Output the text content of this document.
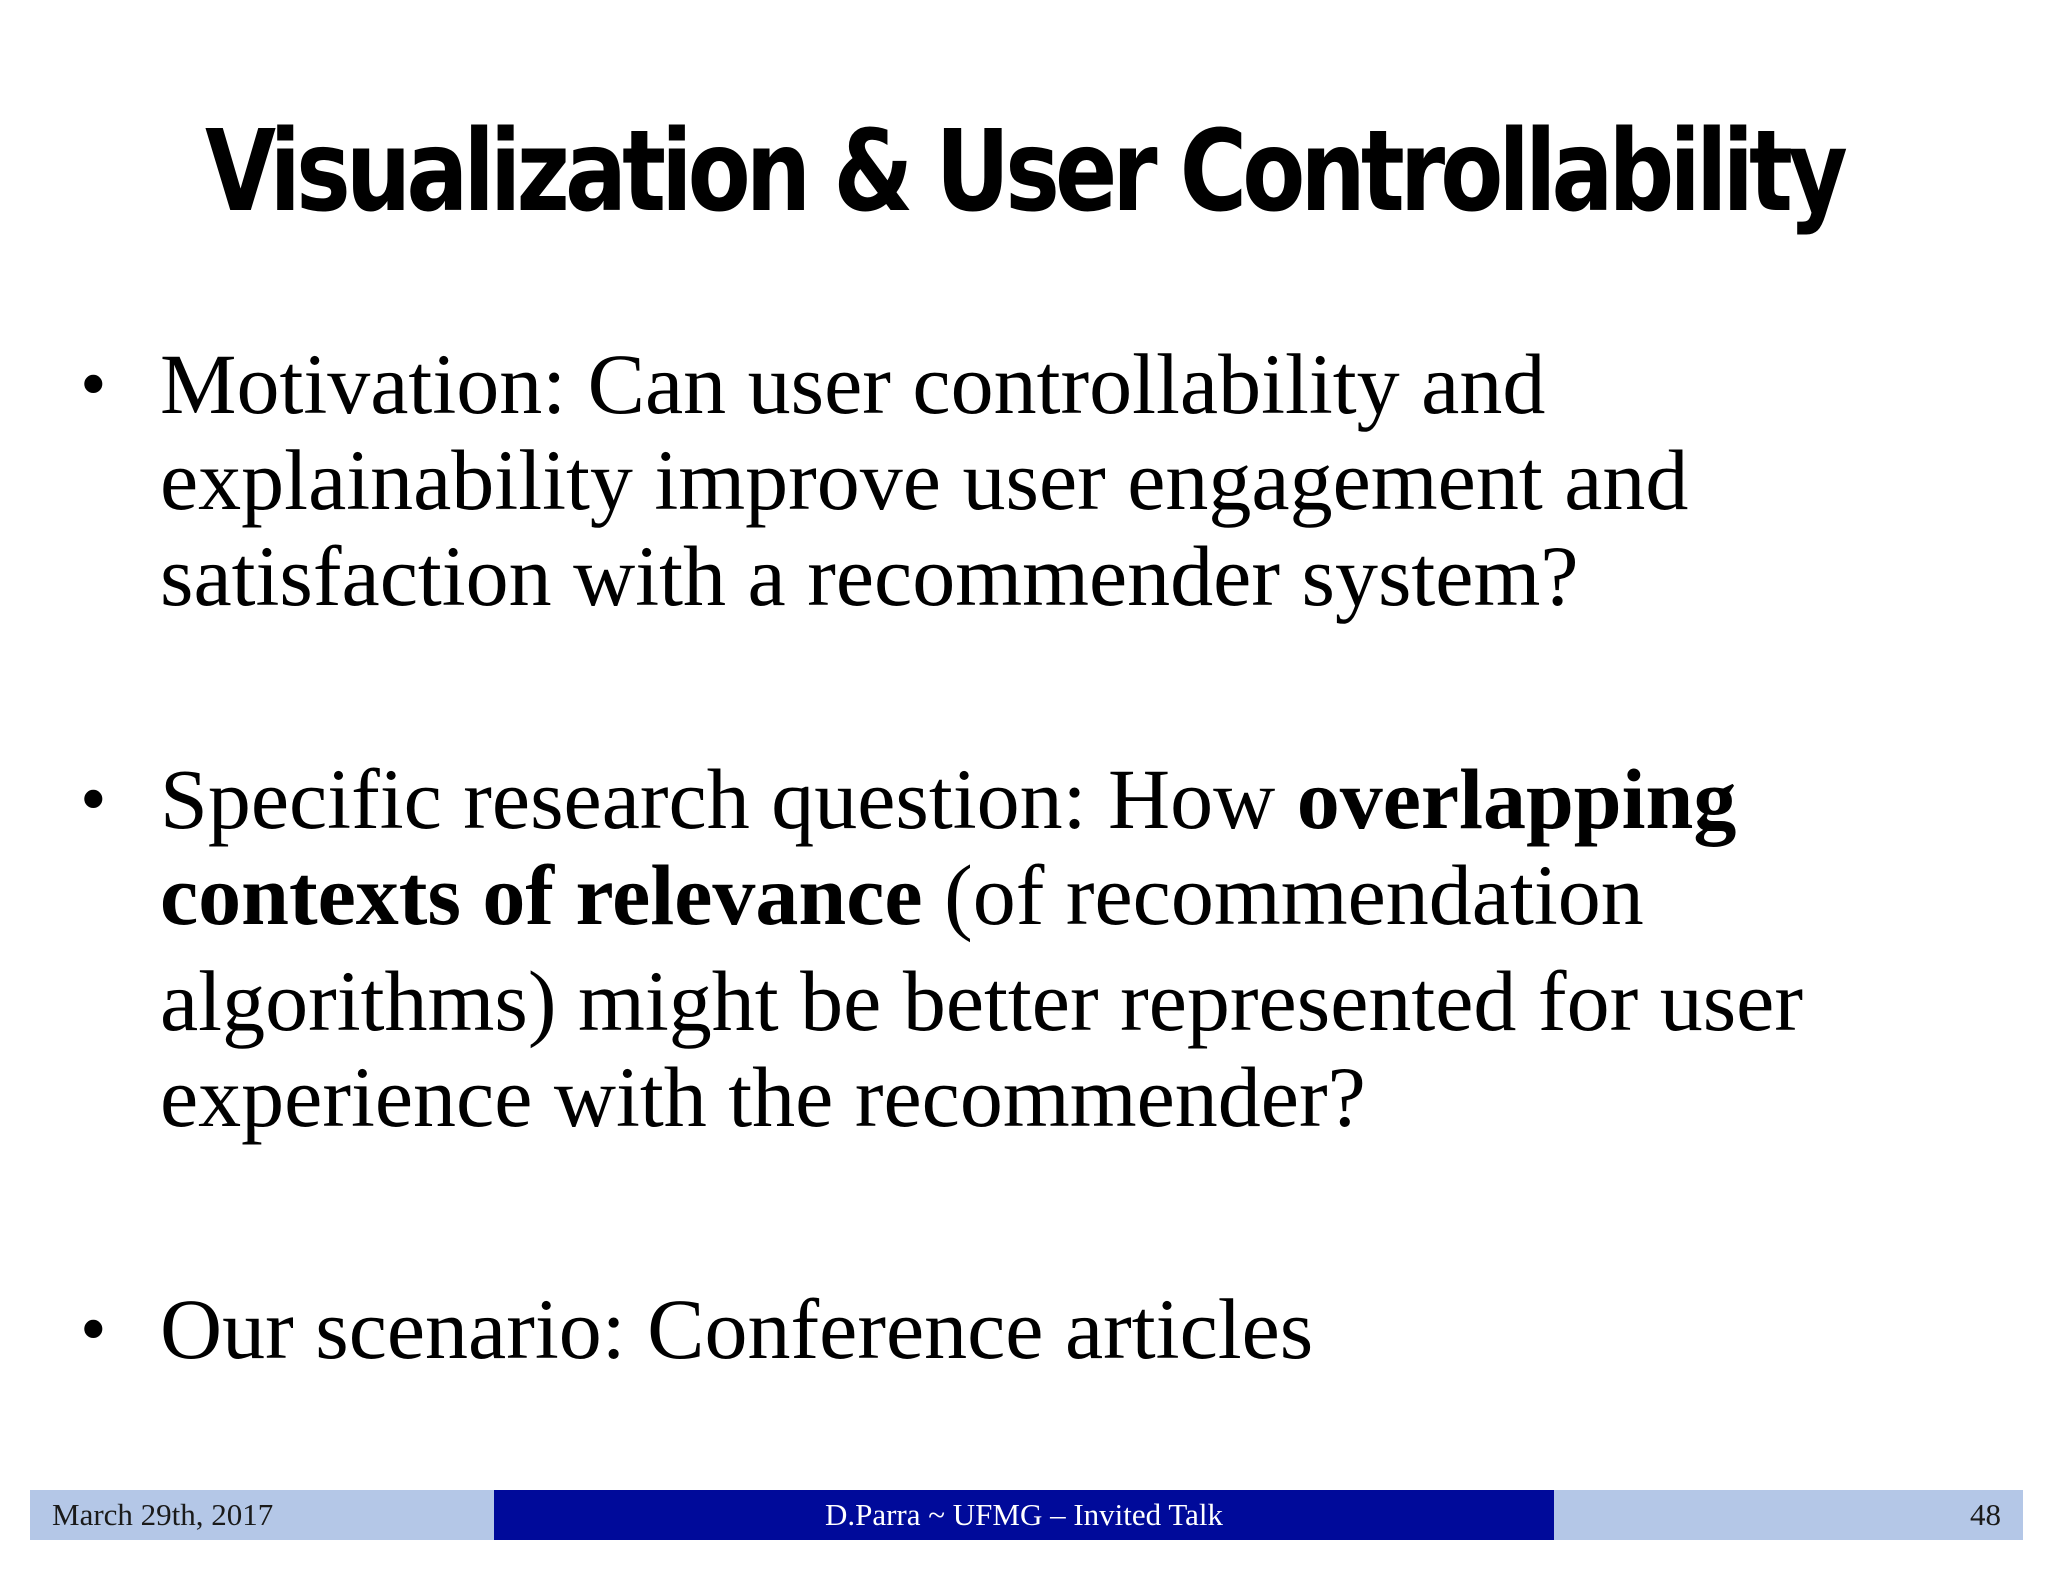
Visualization & User Controllability
• Motivation: Can user controllability and
explainability improve user engagement and
satisfaction with a recommender system?
• Specific research question: How overlapping
contexts of relevance (of recommendation
algorithms) might be better represented for user
experience with the recommender?
• Our scenario: Conference articles
March 29th, 2017	D.Parra ~ UFMG – Invited Talk	48
